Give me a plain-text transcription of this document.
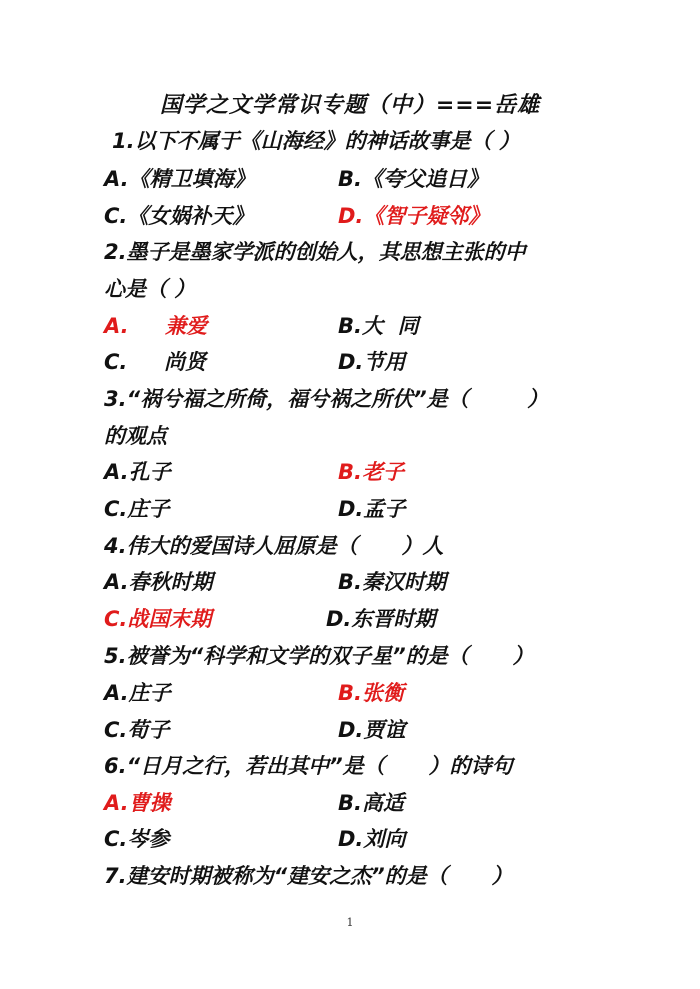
国学之文学常识专题（中）===岳雄
1.以下不属于《山海经》的神话故事是（ ）
A.《精卫填海》	B.《夸父追日》
C.《女娲补天》	D.《智子疑邻》
2.墨子是墨家学派的创始人，其思想主张的中
心是（ ）
A.     兼爱	B.大  同
C.     尚贤	D.节用
3.“祸兮福之所倚，福兮祸之所伏”是（        ）
的观点
A.孔子	B.老子
C.庄子	D.孟子
4.伟大的爱国诗人屈原是（      ）人
A.春秋时期	B.秦汉时期
C.战国末期	D.东晋时期
5.被誉为“科学和文学的双子星”的是（      ）
A.庄子	B.张衡
C.荀子	D.贾谊
6.“日月之行，若出其中”是（      ）的诗句
A.曹操	B.高适
C.岑参	D.刘向
7.建安时期被称为“建安之杰”的是（      ）
1
